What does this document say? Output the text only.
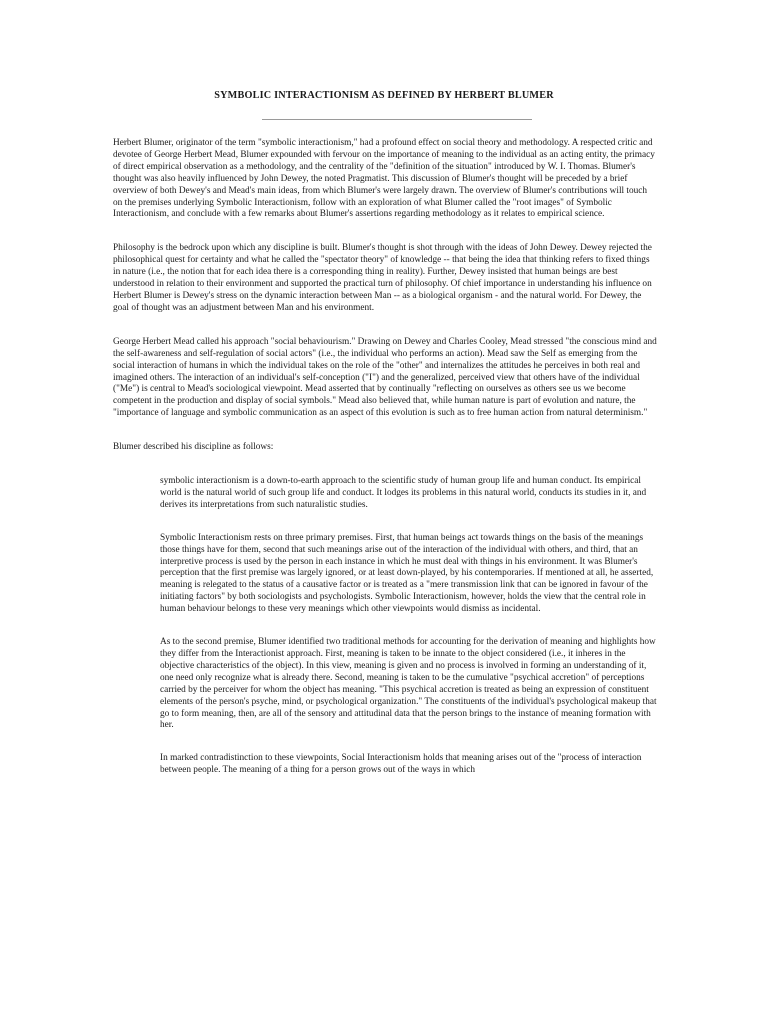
SYMBOLIC INTERACTIONISM AS DEFINED BY HERBERT BLUMER

Herbert Blumer, originator of the term "symbolic interactionism," had a profound effect on social theory and methodology. A respected critic and devotee of George Herbert Mead, Blumer expounded with fervour on the importance of meaning to the individual as an acting entity, the primacy of direct empirical observation as a methodology, and the centrality of the "definition of the situation" introduced by W. I. Thomas. Blumer's thought was also heavily influenced by John Dewey, the noted Pragmatist. This discussion of Blumer's thought will be preceded by a brief overview of both Dewey's and Mead's main ideas, from which Blumer's were largely drawn. The overview of Blumer's contributions will touch on the premises underlying Symbolic Interactionism, follow with an exploration of what Blumer called the "root images" of Symbolic Interactionism, and conclude with a few remarks about Blumer's assertions regarding methodology as it relates to empirical science.

Philosophy is the bedrock upon which any discipline is built. Blumer's thought is shot through with the ideas of John Dewey. Dewey rejected the philosophical quest for certainty and what he called the "spectator theory" of knowledge -- that being the idea that thinking refers to fixed things in nature (i.e., the notion that for each idea there is a corresponding thing in reality). Further, Dewey insisted that human beings are best understood in relation to their environment and supported the practical turn of philosophy. Of chief importance in understanding his influence on Herbert Blumer is Dewey's stress on the dynamic interaction between Man -- as a biological organism - and the natural world. For Dewey, the goal of thought was an adjustment between Man and his environment.

George Herbert Mead called his approach "social behaviourism." Drawing on Dewey and Charles Cooley, Mead stressed "the conscious mind and the self-awareness and self-regulation of social actors" (i.e., the individual who performs an action). Mead saw the Self as emerging from the social interaction of humans in which the individual takes on the role of the "other" and internalizes the attitudes he perceives in both real and imagined others. The interaction of an individual's self-conception ("I") and the generalized, perceived view that others have of the individual ("Me") is central to Mead's sociological viewpoint. Mead asserted that by continually "reflecting on ourselves as others see us we become competent in the production and display of social symbols." Mead also believed that, while human nature is part of evolution and nature, the "importance of language and symbolic communication as an aspect of this evolution is such as to free human action from natural determinism."

Blumer described his discipline as follows:

symbolic interactionism is a down-to-earth approach to the scientific study of human group life and human conduct. Its empirical world is the natural world of such group life and conduct. It lodges its problems in this natural world, conducts its studies in it, and derives its interpretations from such naturalistic studies.

Symbolic Interactionism rests on three primary premises. First, that human beings act towards things on the basis of the meanings those things have for them, second that such meanings arise out of the interaction of the individual with others, and third, that an interpretive process is used by the person in each instance in which he must deal with things in his environment. It was Blumer's perception that the first premise was largely ignored, or at least down-played, by his contemporaries. If mentioned at all, he asserted, meaning is relegated to the status of a causative factor or is treated as a "mere transmission link that can be ignored in favour of the initiating factors" by both sociologists and psychologists. Symbolic Interactionism, however, holds the view that the central role in human behaviour belongs to these very meanings which other viewpoints would dismiss as incidental.

As to the second premise, Blumer identified two traditional methods for accounting for the derivation of meaning and highlights how they differ from the Interactionist approach. First, meaning is taken to be innate to the object considered (i.e., it inheres in the objective characteristics of the object). In this view, meaning is given and no process is involved in forming an understanding of it, one need only recognize what is already there. Second, meaning is taken to be the cumulative "psychical accretion" of perceptions carried by the perceiver for whom the object has meaning. "This psychical accretion is treated as being an expression of constituent elements of the person's psyche, mind, or psychological organization." The constituents of the individual's psychological makeup that go to form meaning, then, are all of the sensory and attitudinal data that the person brings to the instance of meaning formation with her.

In marked contradistinction to these viewpoints, Social Interactionism holds that meaning arises out of the "process of interaction between people. The meaning of a thing for a person grows out of the ways in which
